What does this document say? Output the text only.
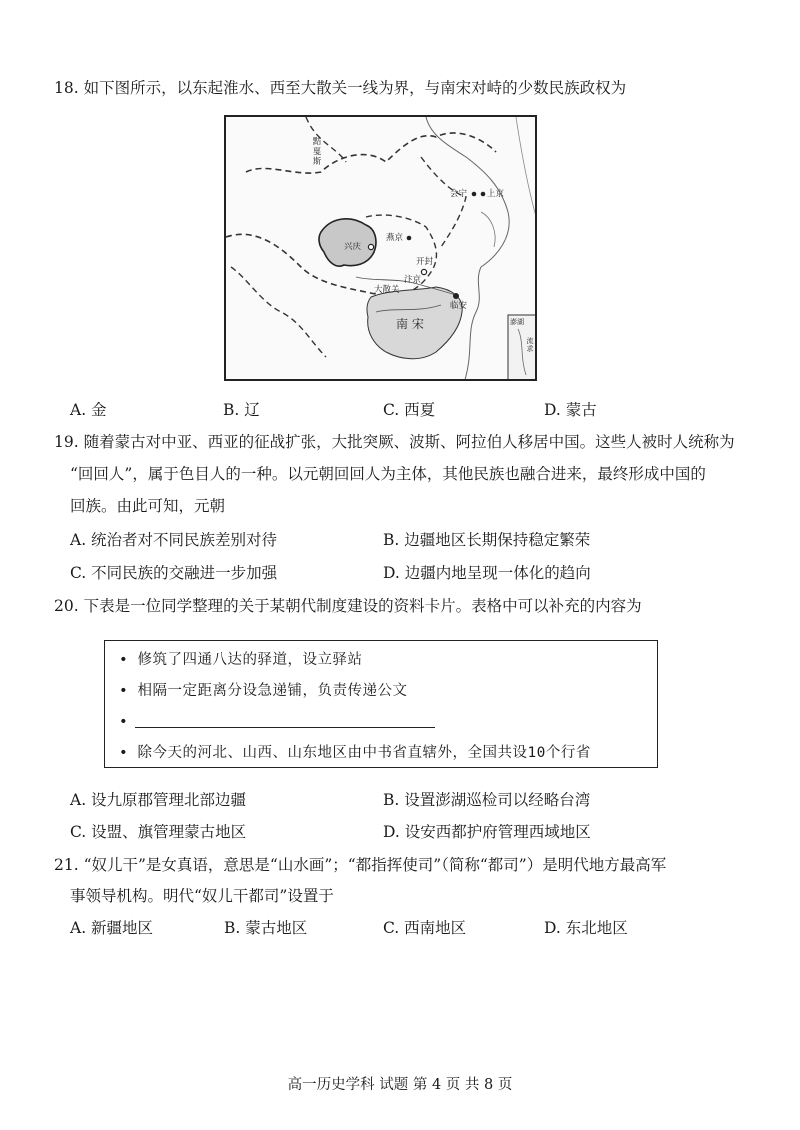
18. 如下图所示，以东起淮水、西至大散关一线为界，与南宋对峙的少数民族政权为
黠戛斯
会宁 上京
兴庆
燕京
开封
汴京
大散关
临安
南 宋	澎湖
流求
A. 金	B. 辽	C. 西夏	D. 蒙古
19. 随着蒙古对中亚、西亚的征战扩张，大批突厥、波斯、阿拉伯人移居中国。这些人被时人统称为
“回回人”，属于色目人的一种。以元朝回回人为主体，其他民族也融合进来，最终形成中国的
回族。由此可知，元朝
A. 统治者对不同民族差别对待	B. 边疆地区长期保持稳定繁荣
C. 不同民族的交融进一步加强	D. 边疆内地呈现一体化的趋向
20. 下表是一位同学整理的关于某朝代制度建设的资料卡片。表格中可以补充的内容为
• 修筑了四通八达的驿道，设立驿站
• 相隔一定距离分设急递铺，负责传递公文
•
• 除今天的河北、山西、山东地区由中书省直辖外，全国共设10个行省
A. 设九原郡管理北部边疆	B. 设置澎湖巡检司以经略台湾
C. 设盟、旗管理蒙古地区	D. 设安西都护府管理西域地区
21. “奴儿干”是女真语，意思是“山水画”；“都指挥使司”（简称“都司”）是明代地方最高军
事领导机构。明代“奴儿干都司”设置于
A. 新疆地区	B. 蒙古地区	C. 西南地区	D. 东北地区
高一历史学科 试题 第 4 页 共 8 页
